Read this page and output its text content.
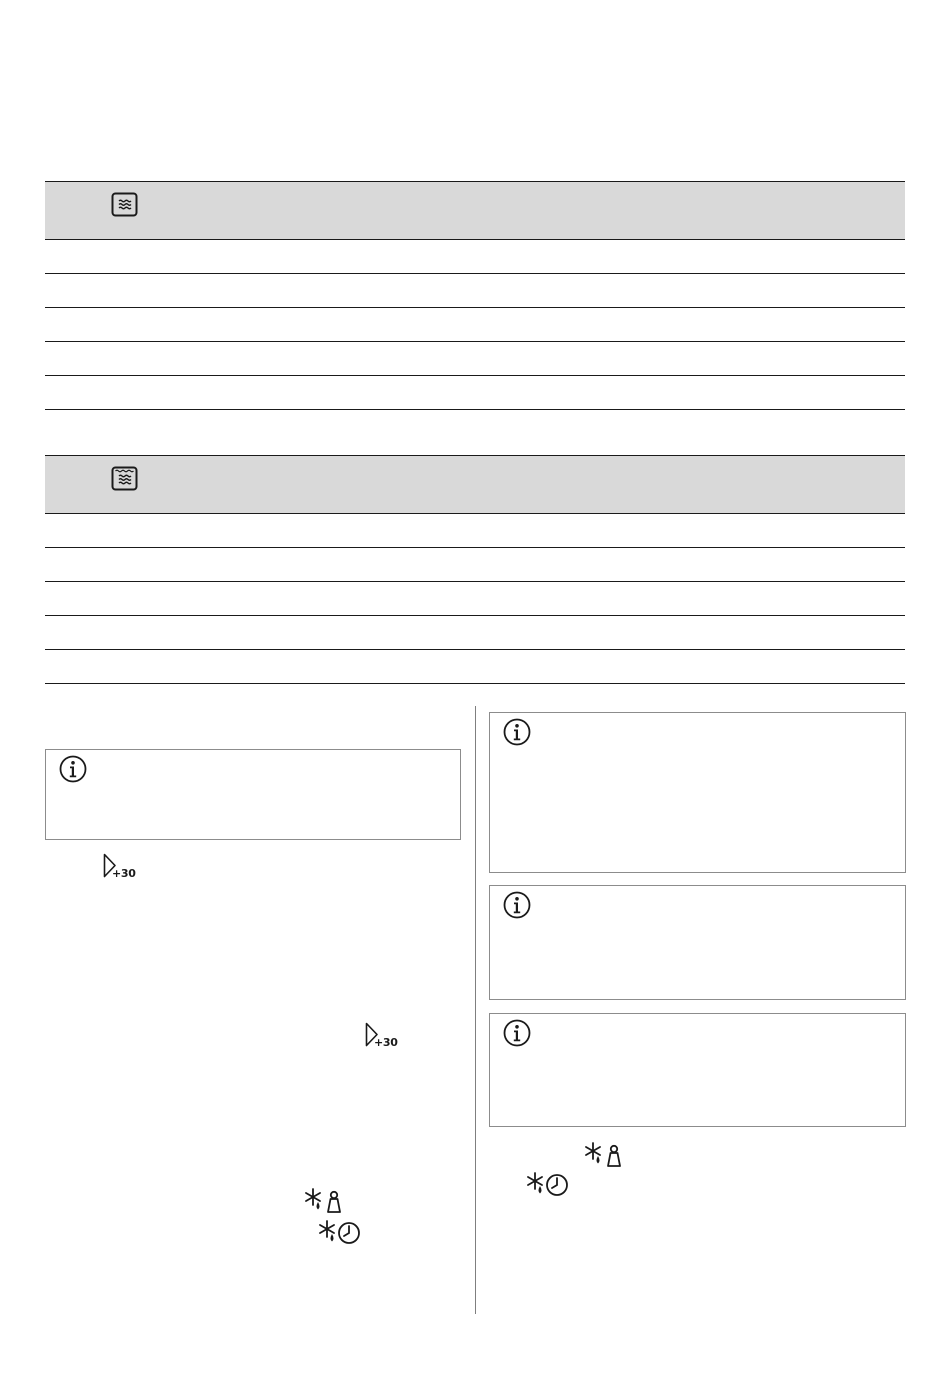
+30
+30
